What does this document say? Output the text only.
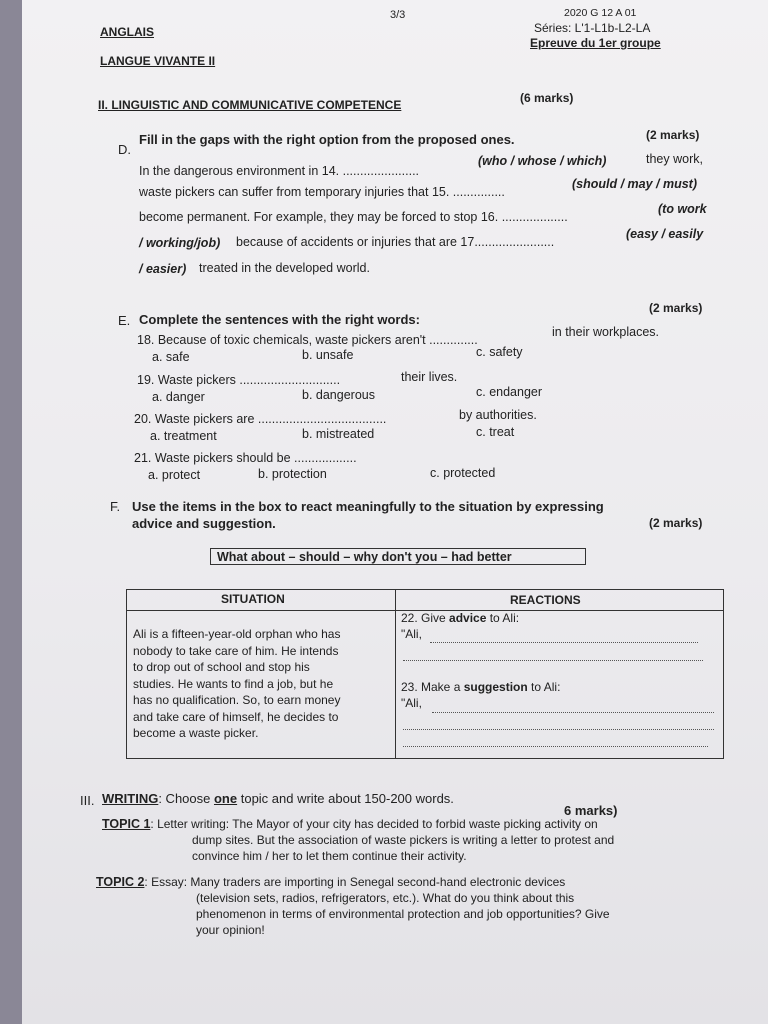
3/3	2020 G 12 A 01
Séries: L'1-L1b-L2-LA
ANGLAIS
Epreuve du 1er groupe
LANGUE VIVANTE II
II. LINGUISTIC AND COMMUNICATIVE COMPETENCE	(6 marks)
D.
Fill in the gaps with the right option from the proposed ones.	(2 marks)
In the dangerous environment in 14. ......................
(who / whose / which)	they work,
waste pickers can suffer from temporary injuries that 15. ...............
(should / may / must)
become permanent. For example, they may be forced to stop 16. ...................
(to work
/ working/job) because of accidents or injuries that are 17.......................
(easy / easily
/ easier) treated in the developed world.
E. Complete the sentences with the right words:
(2 marks)
18. Because of toxic chemicals, waste pickers aren't ..............
in their workplaces.
a. safe	b. unsafe	c. safety
19. Waste pickers .............................	their lives.
a. danger	b. dangerous	c. endanger
20. Waste pickers are .....................................	by authorities.
a. treatment	b. mistreated	c. treat
21. Waste pickers should be ..................
a. protect	b. protection	c. protected
F. Use the items in the box to react meaningfully to the situation by expressing
advice and suggestion.	(2 marks)
What about – should – why don't you – had better
SITUATION	REACTIONS
Ali is a fifteen-year-old orphan who has
nobody to take care of him. He intends
to drop out of school and stop his
studies. He wants to find a job, but he
has no qualification. So, to earn money
and take care of himself, he decides to
become a waste picker.
22. Give advice to Ali:
"Ali,
23. Make a suggestion to Ali:
"Ali,
III. WRITING: Choose one topic and write about 150-200 words.
6 marks)
TOPIC 1: Letter writing: The Mayor of your city has decided to forbid waste picking activity on
dump sites. But the association of waste pickers is writing a letter to protest and
convince him / her to let them continue their activity.
TOPIC 2: Essay: Many traders are importing in Senegal second-hand electronic devices
(television sets, radios, refrigerators, etc.). What do you think about this
phenomenon in terms of environmental protection and job opportunities? Give
your opinion!
